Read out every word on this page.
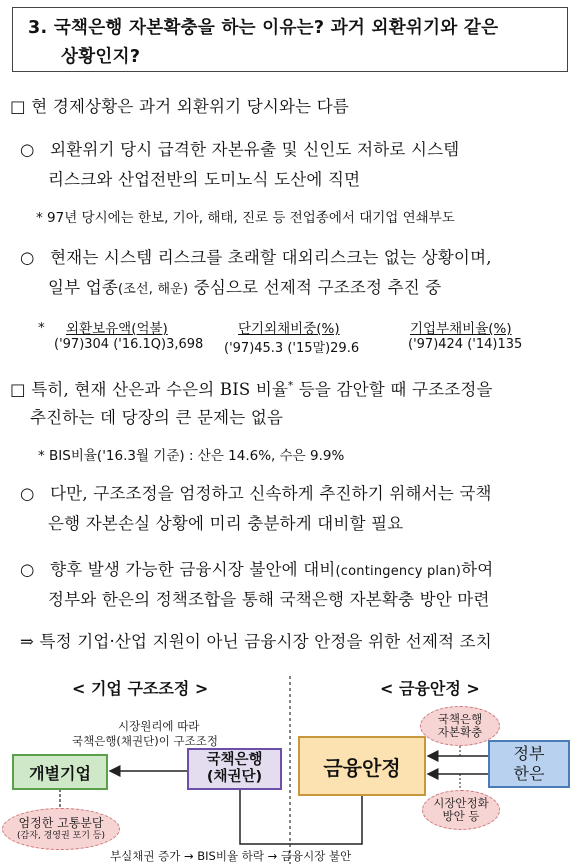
3. 국책은행 자본확충을 하는 이유는? 과거 외환위기와 같은
상황인지?
□ 현 경제상황은 과거 외환위기 당시와는 다름
○ 외환위기 당시 급격한 자본유출 및 신인도 저하로 시스템
리스크와 산업전반의 도미노식 도산에 직면
* 97년 당시에는 한보, 기아, 해태, 진로 등 전업종에서 대기업 연쇄부도
○ 현재는 시스템 리스크를 초래할 대외리스크는 없는 상황이며,
일부 업종(조선, 해운) 중심으로 선제적 구조조정 추진 중
* 외환보유액(억불)
('97)304 ('16.1Q)3,698
단기외채비중(%)
('97)45.3 ('15말)29.6
기업부채비율(%)
('97)424 ('14)135
□ 특히, 현재 산은과 수은의 BIS 비율* 등을 감안할 때 구조조정을
추진하는 데 당장의 큰 문제는 없음
* BIS비율('16.3월 기준) : 산은 14.6%, 수은 9.9%
○ 다만, 구조조정을 엄정하고 신속하게 추진하기 위해서는 국책
은행 자본손실 상황에 미리 충분하게 대비할 필요
○ 향후 발생 가능한 금융시장 불안에 대비(contingency plan)하여
정부와 한은의 정책조합을 통해 국책은행 자본확충 방안 마련
⇒ 특정 기업·산업 지원이 아닌 금융시장 안정을 위한 선제적 조치
< 기업 구조조정 >	< 금융안정 >
시장원리에 따라
국책은행(채권단)이 구조조정
개별기업
국책은행
(채권단)	금융안정
정부
한은
국책은행
자본확충
시장안정화
방안 등
엄정한 고통분담
(감자, 경영권 포기 등)
부실채권 증가 → BIS비율 하락 → 금융시장 불안
